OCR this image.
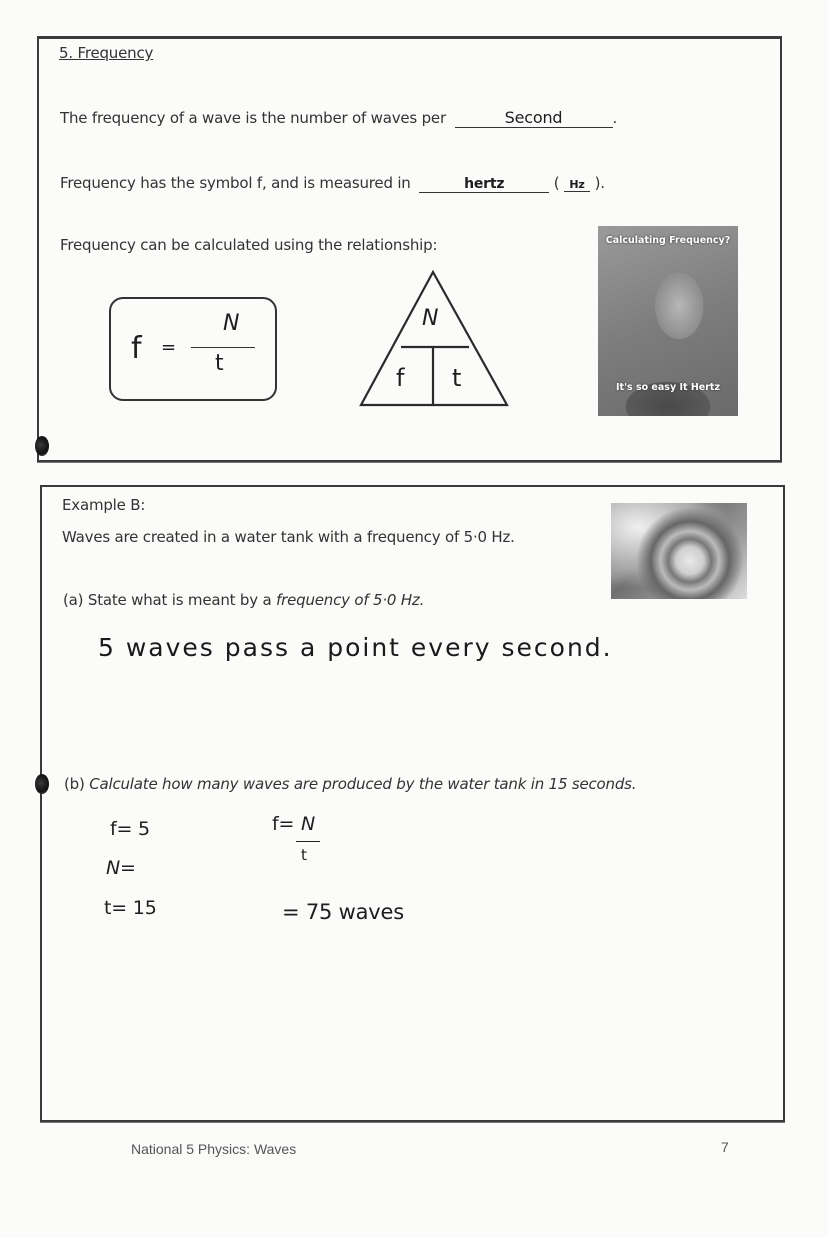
5. Frequency
The frequency of a wave is the number of waves per	Second	.
Frequency has the symbol f, and is measured in	hertz	( Hz ).
Frequency can be calculated using the relationship:
f =
N
t
N
f t
Calculating Frequency?
It's so easy It Hertz
Example B:
Waves are created in a water tank with a frequency of 5·0 Hz.
(a) State what is meant by a frequency of 5·0 Hz.
5 waves pass a point every second.
(b) Calculate how many waves are produced by the water tank in 15 seconds.
f= 5
N=
t= 15
f= N
t
= 75 waves
National 5 Physics: Waves	7
